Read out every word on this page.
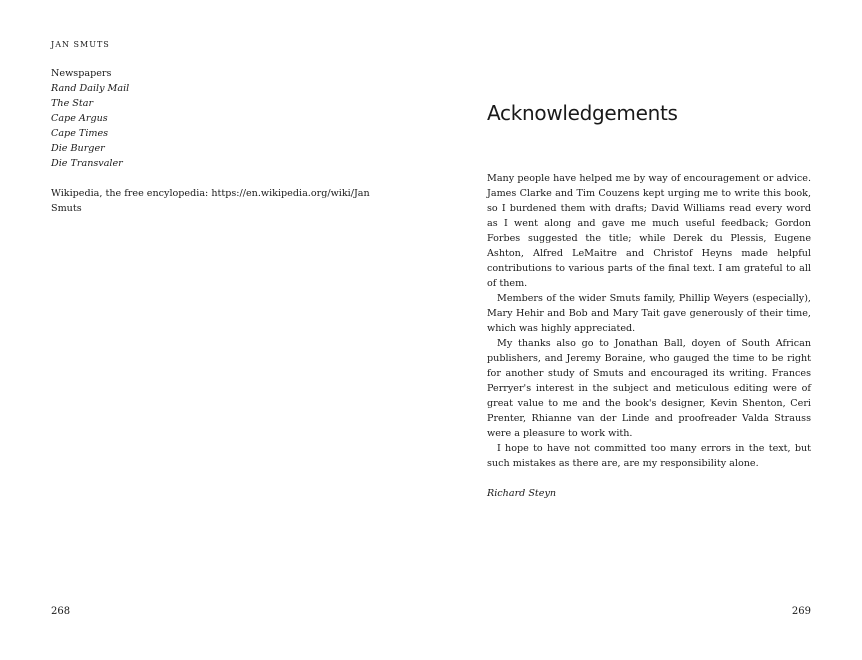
JAN SMUTS
Newspapers
Rand Daily Mail
The Star
Cape Argus
Cape Times
Die Burger
Die Transvaler
Wikipedia, the free encylopedia: https://en.wikipedia.org/wiki/Jan Smuts
268
Acknowledgements

Many people have helped me by way of encouragement or advice. James Clarke and Tim Couzens kept urging me to write this book, so I burdened them with drafts; David Williams read every word as I went along and gave me much useful feedback; Gordon Forbes suggested the title; while Derek du Plessis, Eugene Ashton, Alfred LeMaitre and Christof Heyns made helpful contributions to various parts of the final text. I am grateful to all of them.

Members of the wider Smuts family, Phillip Weyers (especially), Mary Hehir and Bob and Mary Tait gave generously of their time, which was highly appreciated.

My thanks also go to Jonathan Ball, doyen of South African publishers, and Jeremy Boraine, who gauged the time to be right for another study of Smuts and encouraged its writing. Frances Perryer's interest in the subject and meticulous editing were of great value to me and the book's designer, Kevin Shenton, Ceri Prenter, Rhianne van der Linde and proofreader Valda Strauss were a pleasure to work with.

I hope to have not committed too many errors in the text, but such mistakes as there are, are my responsibility alone.

Richard Steyn

269
